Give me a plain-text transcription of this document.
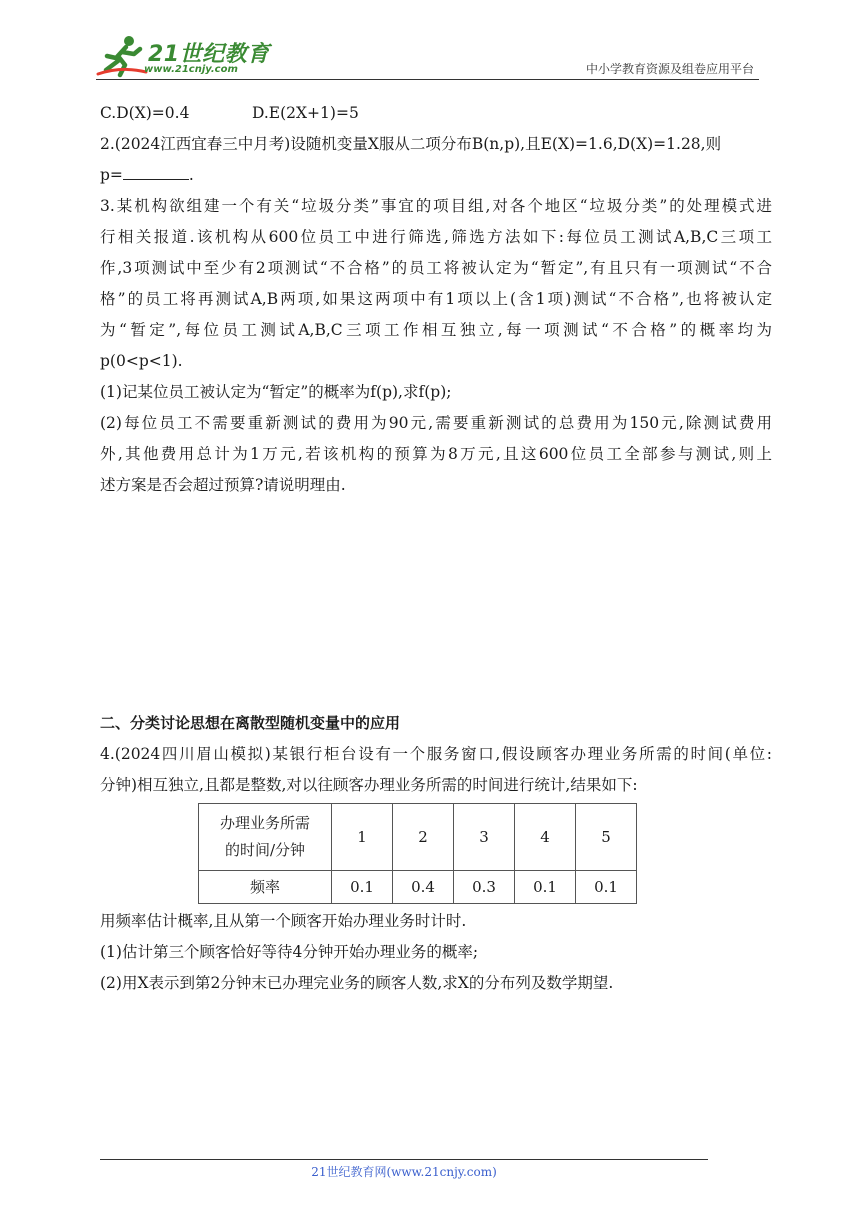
21世纪教育
www.21cnjy.com	中小学教育资源及组卷应用平台
C.D(X)=0.4	D.E(2X+1)=5
2.(2024江西宜春三中月考)设随机变量X服从二项分布B(n,p),且E(X)=1.6,D(X)=1.28,则
p=	.
3.某机构欲组建一个有关“垃圾分类”事宜的项目组,对各个地区“垃圾分类”的处理模式进
行相关报道.该机构从600位员工中进行筛选,筛选方法如下:每位员工测试A,B,C三项工
作,3项测试中至少有2项测试“不合格”的员工将被认定为“暂定”,有且只有一项测试“不合
格”的员工将再测试A,B两项,如果这两项中有1项以上(含1项)测试“不合格”,也将被认定
为“暂定”,每位员工测试A,B,C三项工作相互独立,每一项测试“不合格”的概率均为
p(0<p<1).
(1)记某位员工被认定为“暂定”的概率为f(p),求f(p);
(2)每位员工不需要重新测试的费用为90元,需要重新测试的总费用为150元,除测试费用
外,其他费用总计为1万元,若该机构的预算为8万元,且这600位员工全部参与测试,则上
述方案是否会超过预算?请说明理由.
二、分类讨论思想在离散型随机变量中的应用
4.(2024四川眉山模拟)某银行柜台设有一个服务窗口,假设顾客办理业务所需的时间(单位:
分钟)相互独立,且都是整数,对以往顾客办理业务所需的时间进行统计,结果如下:
办理业务所需
的时间/分钟	1	2	3	4	5
频率	0.1	0.4	0.3	0.1	0.1
用频率估计概率,且从第一个顾客开始办理业务时计时.
(1)估计第三个顾客恰好等待4分钟开始办理业务的概率;
(2)用X表示到第2分钟末已办理完业务的顾客人数,求X的分布列及数学期望.
21世纪教育网(www.21cnjy.com)
